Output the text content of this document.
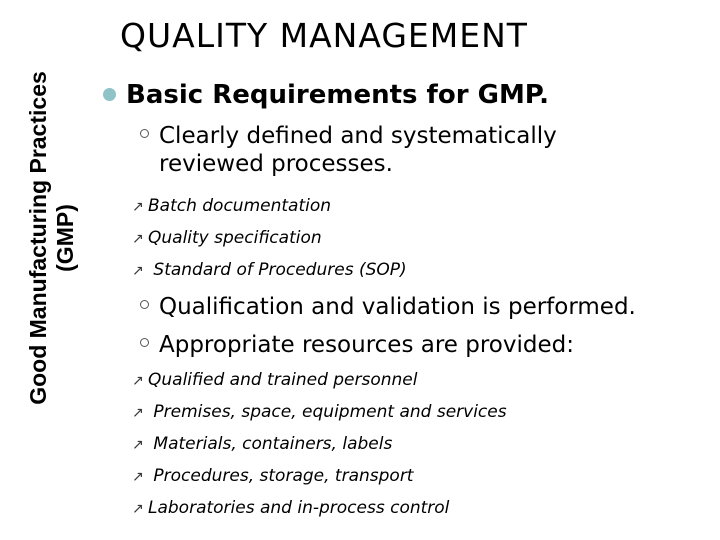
Good Manufacturing Practices (GMP)
QUALITY MANAGEMENT
Basic Requirements for GMP.
Clearly defined and systematically reviewed processes.
↗ Batch documentation
↗ Quality specification
↗ Standard of Procedures (SOP)
Qualification and validation is performed.
Appropriate resources are provided:
↗ Qualified and trained personnel
↗ Premises, space, equipment and services
↗ Materials, containers, labels
↗ Procedures, storage, transport
↗ Laboratories and in-process control
